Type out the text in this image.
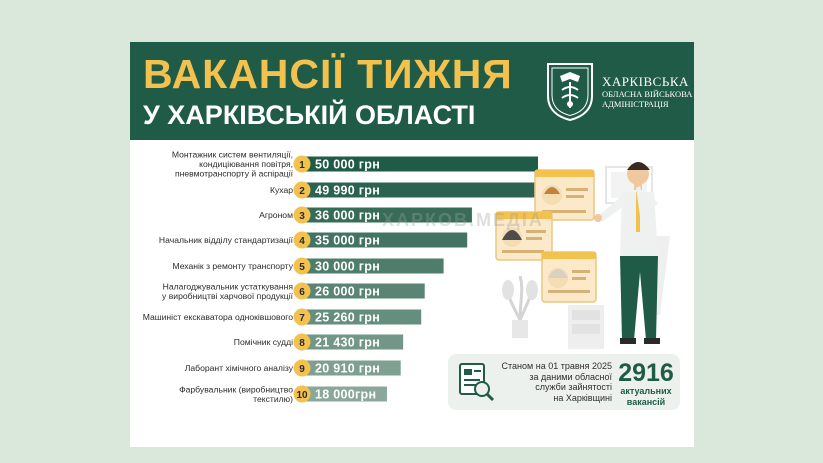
ВАКАНСІЇ ТИЖНЯ
У ХАРКІВСЬКІЙ ОБЛАСТІ
ХАРКІВСЬКА
ОБЛАСНА ВІЙСЬКОВА
АДМІНІСТРАЦІЯ
1 50 000 грн
Монтажник систем вентиляції,
кондиціювання повітря,
пневмотранспорту й аспірації
2 49 990 грн
Кухар
3 36 000 грн
Агроном
4 35 000 грн
Начальник відділу стандартизації
5 30 000 грн
Механік з ремонту транспорту
6 26 000 грн
Налагоджувальник устаткування
у виробництві харчової продукції
7 25 260 грн
Машиніст екскаватора одноківшового
8 21 430 грн
Помічник судді
9 20 910 грн
Лаборант хімічного аналізу
10 18 000грн
Фарбувальник (виробництво
текстилю)
Станом на 01 травня 2025
за даними обласної
служби зайнятості
на Харківщині
2916
актуальних
вакансій
ХАРКОВ.МЕДІА
